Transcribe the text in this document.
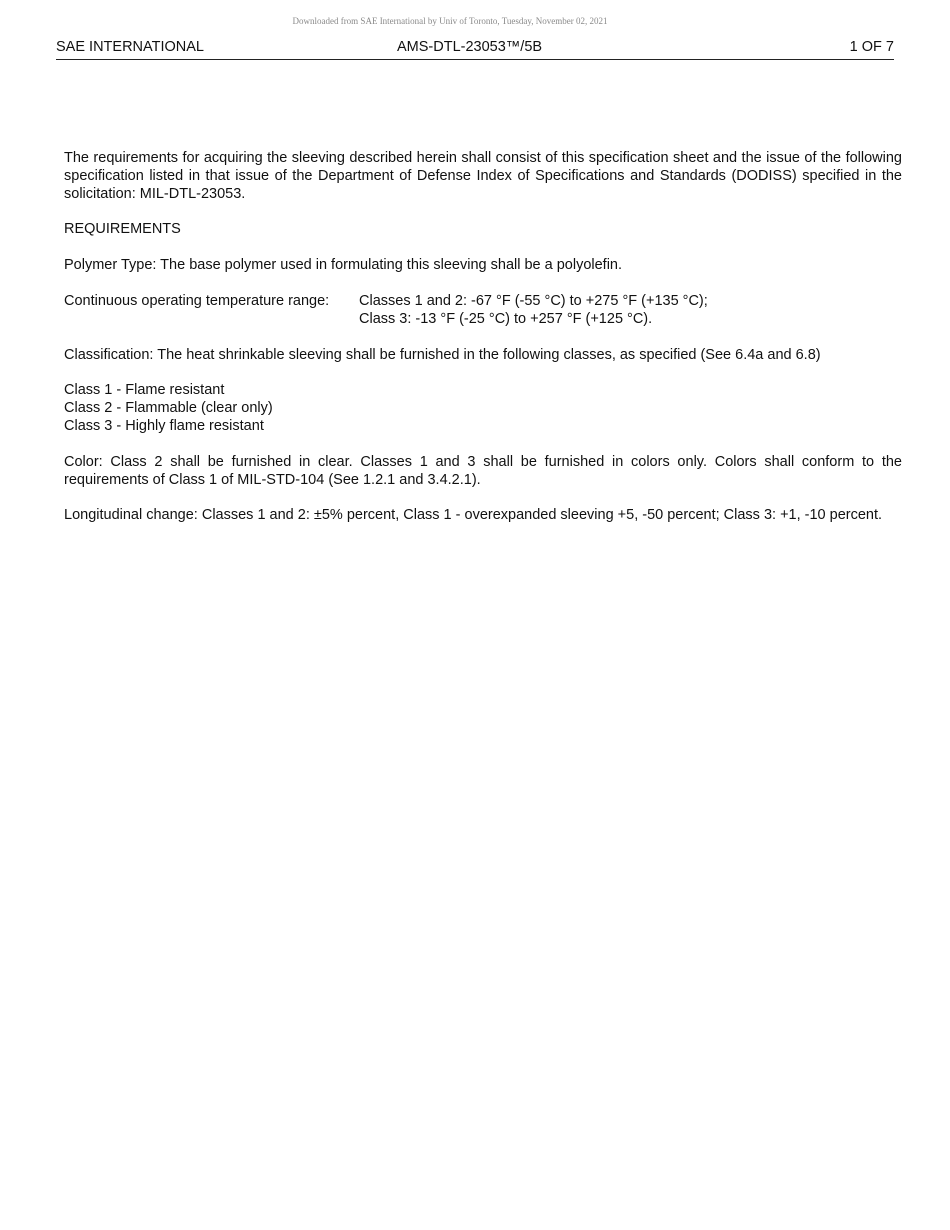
Downloaded from SAE International by Univ of Toronto, Tuesday, November 02, 2021
SAE INTERNATIONAL	AMS-DTL-23053™/5B	1 OF 7

The requirements for acquiring the sleeving described herein shall consist of this specification sheet and the issue of the following specification listed in that issue of the Department of Defense Index of Specifications and Standards (DODISS) specified in the solicitation: MIL-DTL-23053.

REQUIREMENTS

Polymer Type: The base polymer used in formulating this sleeving shall be a polyolefin.

Continuous operating temperature range:	Classes 1 and 2: -67 °F (-55 °C) to +275 °F (+135 °C);
Class 3: -13 °F (-25 °C) to +257 °F (+125 °C).

Classification: The heat shrinkable sleeving shall be furnished in the following classes, as specified (See 6.4a and 6.8)

Class 1 - Flame resistant
Class 2 - Flammable (clear only)
Class 3 - Highly flame resistant

Color: Class 2 shall be furnished in clear. Classes 1 and 3 shall be furnished in colors only. Colors shall conform to the requirements of Class 1 of MIL-STD-104 (See 1.2.1 and 3.4.2.1).

Longitudinal change: Classes 1 and 2: ±5% percent, Class 1 - overexpanded sleeving +5, -50 percent; Class 3: +1, -10 percent.
